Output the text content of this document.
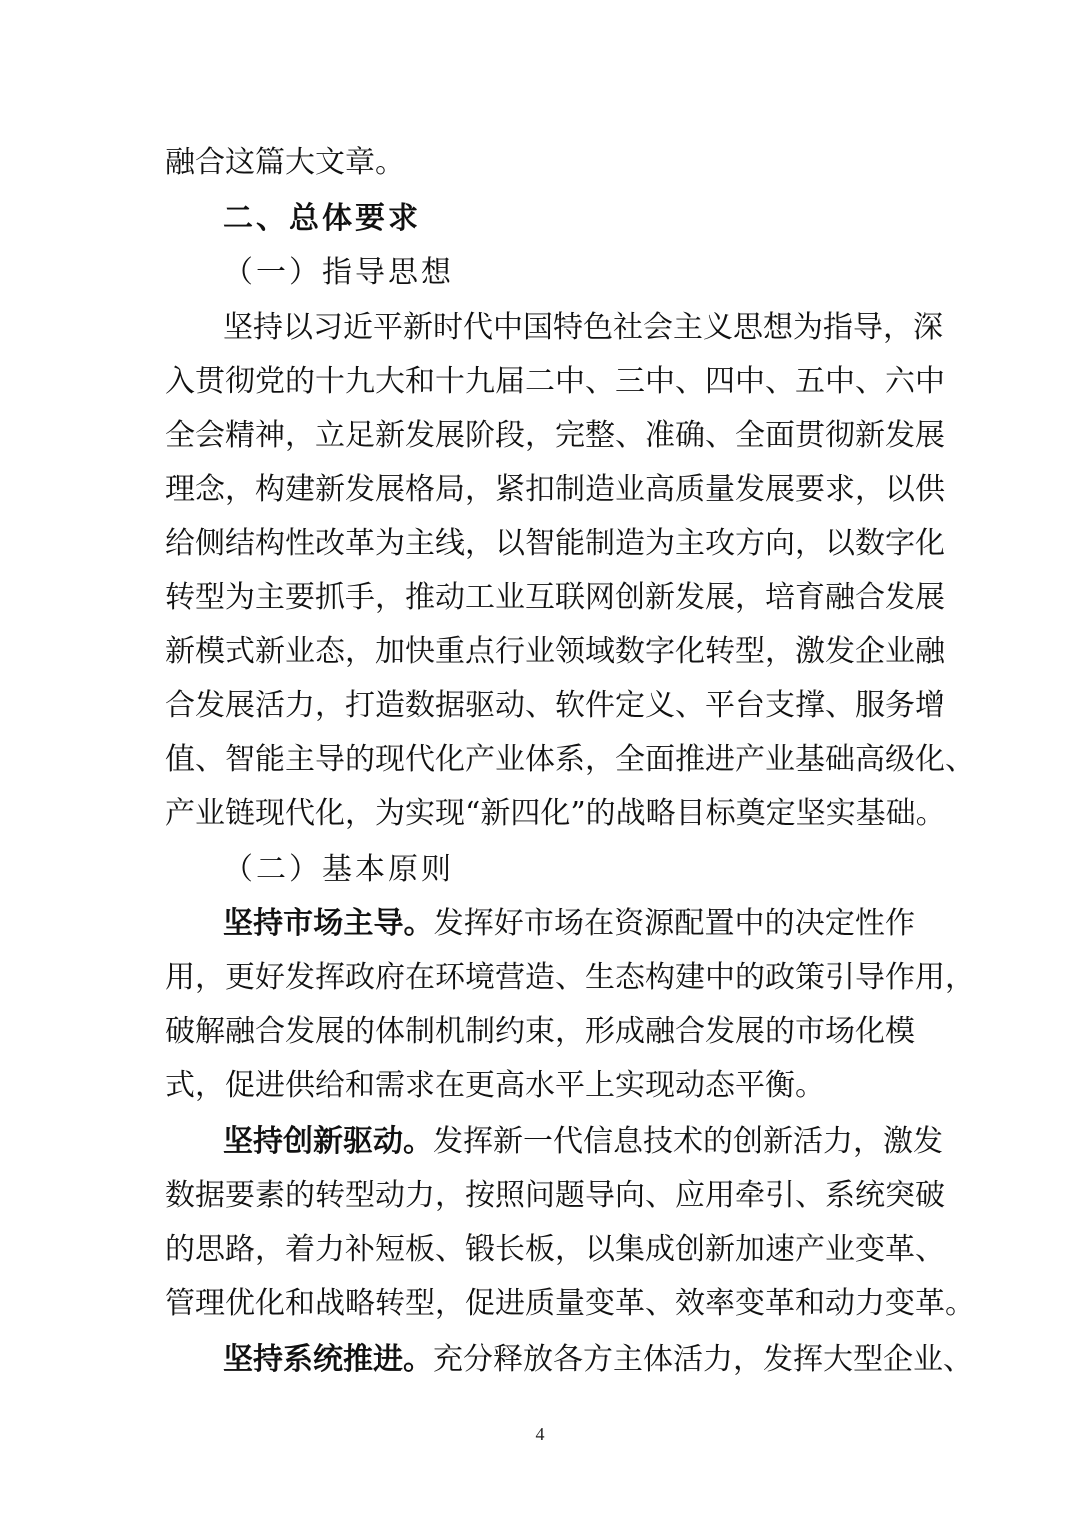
融合这篇大文章。
二、总体要求
（一）指导思想
坚持以习近平新时代中国特色社会主义思想为指导，深
入贯彻党的十九大和十九届二中、三中、四中、五中、六中
全会精神，立足新发展阶段，完整、准确、全面贯彻新发展
理念，构建新发展格局，紧扣制造业高质量发展要求，以供
给侧结构性改革为主线，以智能制造为主攻方向，以数字化
转型为主要抓手，推动工业互联网创新发展，培育融合发展
新模式新业态，加快重点行业领域数字化转型，激发企业融
合发展活力，打造数据驱动、软件定义、平台支撑、服务增
值、智能主导的现代化产业体系，全面推进产业基础高级化、
产业链现代化，为实现“新四化”的战略目标奠定坚实基础。
（二）基本原则
坚持市场主导。发挥好市场在资源配置中的决定性作
用，更好发挥政府在环境营造、生态构建中的政策引导作用，
破解融合发展的体制机制约束，形成融合发展的市场化模
式，促进供给和需求在更高水平上实现动态平衡。
坚持创新驱动。发挥新一代信息技术的创新活力，激发
数据要素的转型动力，按照问题导向、应用牵引、系统突破
的思路，着力补短板、锻长板，以集成创新加速产业变革、
管理优化和战略转型，促进质量变革、效率变革和动力变革。
坚持系统推进。充分释放各方主体活力，发挥大型企业、
4
